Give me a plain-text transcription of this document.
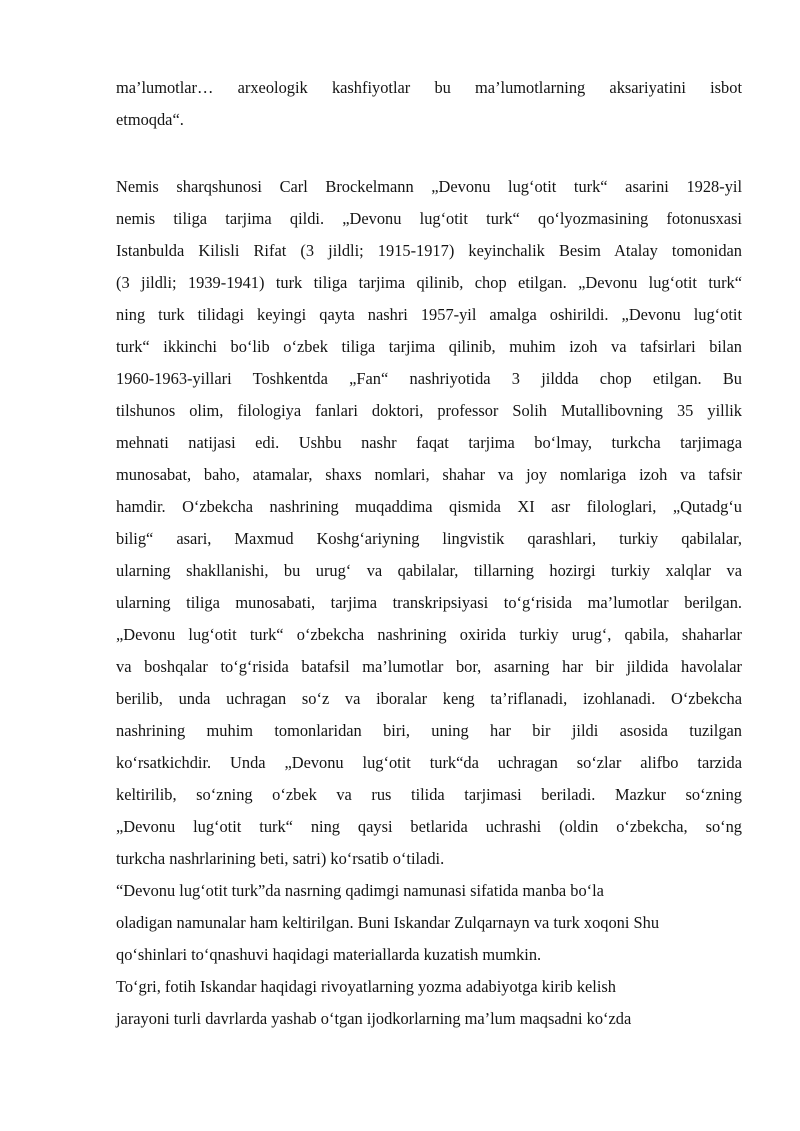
ma’lumotlar… arxeologik kashfiyotlar bu ma’lumotlarning aksariyatini isbot
etmoqda“.
Nemis sharqshunosi Carl Brockelmann „Devonu lug‘otit turk“ asarini 1928-yil
nemis tiliga tarjima qildi. „Devonu lug‘otit turk“ qo‘lyozmasining fotonusxasi
Istanbulda Kilisli Rifat (3 jildli; 1915-1917) keyinchalik Besim Atalay tomonidan
(3 jildli; 1939-1941) turk tiliga tarjima qilinib, chop etilgan. „Devonu lug‘otit turk“
ning turk tilidagi keyingi qayta nashri 1957-yil amalga oshirildi. „Devonu lug‘otit
turk“ ikkinchi bo‘lib o‘zbek tiliga tarjima qilinib, muhim izoh va tafsirlari bilan
1960-1963-yillari Toshkentda „Fan“ nashriyotida 3 jildda chop etilgan. Bu
tilshunos olim, filologiya fanlari doktori, professor Solih Mutallibovning 35 yillik
mehnati natijasi edi. Ushbu nashr faqat tarjima bo‘lmay, turkcha tarjimaga
munosabat, baho, atamalar, shaxs nomlari, shahar va joy nomlariga izoh va tafsir
hamdir. O‘zbekcha nashrining muqaddima qismida XI asr filologlari, „Qutadg‘u
bilig“ asari, Maxmud Koshg‘ariyning lingvistik qarashlari, turkiy qabilalar,
ularning shakllanishi, bu urug‘ va qabilalar, tillarning hozirgi turkiy xalqlar va
ularning tiliga munosabati, tarjima transkripsiyasi to‘g‘risida ma’lumotlar berilgan.
„Devonu lug‘otit turk“ o‘zbekcha nashrining oxirida turkiy urug‘, qabila, shaharlar
va boshqalar to‘g‘risida batafsil ma’lumotlar bor, asarning har bir jildida havolalar
berilib, unda uchragan so‘z va iboralar keng ta’riflanadi, izohlanadi. O‘zbekcha
nashrining muhim tomonlaridan biri, uning har bir jildi asosida tuzilgan
ko‘rsatkichdir. Unda „Devonu lug‘otit turk“da uchragan so‘zlar alifbo tarzida
keltirilib, so‘zning o‘zbek va rus tilida tarjimasi beriladi. Mazkur so‘zning
„Devonu lug‘otit turk“ ning qaysi betlarida uchrashi (oldin o‘zbekcha, so‘ng
turkcha nashrlarining beti, satri) ko‘rsatib o‘tiladi.
“Devonu lug‘otit turk”da nasrning qadimgi namunasi sifatida manba bo‘la
oladigan namunalar ham keltirilgan. Buni Iskandar Zulqarnayn va turk xoqoni Shu
qo‘shinlari to‘qnashuvi haqidagi materiallarda kuzatish mumkin.
To‘gri, fotih Iskandar haqidagi rivoyatlarning yozma adabiyotga kirib kelish
jarayoni turli davrlarda yashab o‘tgan ijodkorlarning ma’lum maqsadni ko‘zda
